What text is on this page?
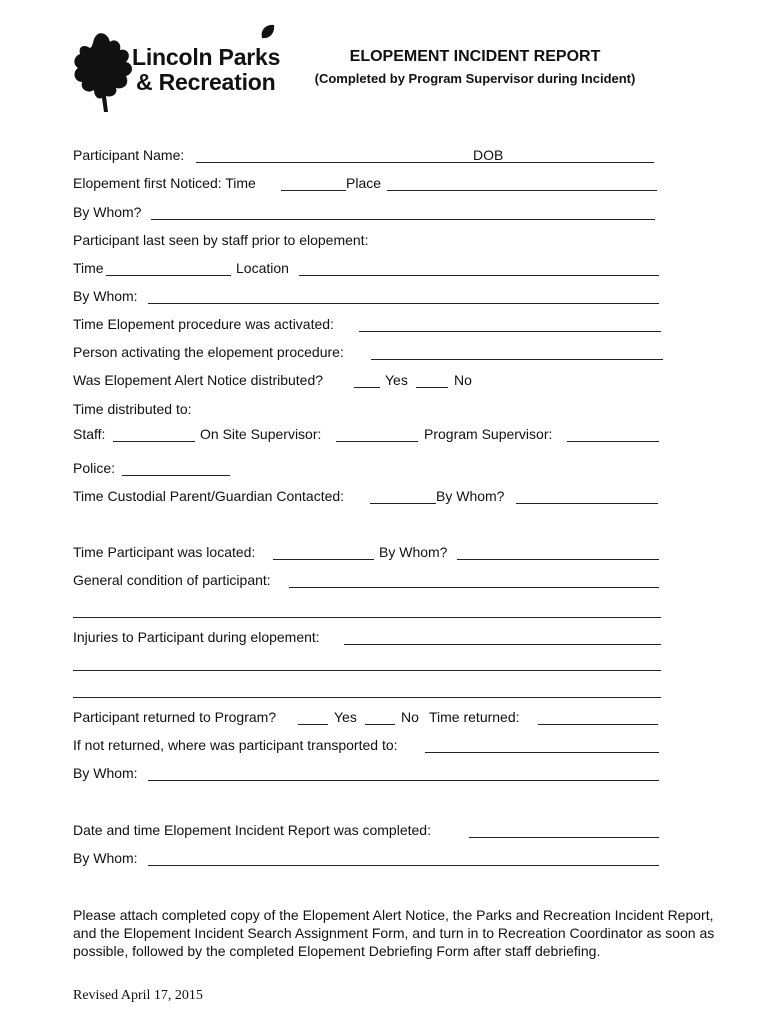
Lincoln Parks
& Recreation
ELOPEMENT INCIDENT REPORT
(Completed by Program Supervisor during Incident)
Participant Name:	DOB
Elopement first Noticed: Time	Place
By Whom?
Participant last seen by staff prior to elopement:
Time	Location
By Whom:
Time Elopement procedure was activated:
Person activating the elopement procedure:
Was Elopement Alert Notice distributed?	Yes	No
Time distributed to:
Staff:	On Site Supervisor:	Program Supervisor:
Police:
Time Custodial Parent/Guardian Contacted:	By Whom?
Time Participant was located:	By Whom?
General condition of participant:
Injuries to Participant during elopement:
Participant returned to Program?	Yes	No Time returned:
If not returned, where was participant transported to:
By Whom:
Date and time Elopement Incident Report was completed:
By Whom:
Please attach completed copy of the Elopement Alert Notice, the Parks and Recreation Incident Report, and the Elopement Incident Search Assignment Form, and turn in to Recreation Coordinator as soon as possible, followed by the completed Elopement Debriefing Form after staff debriefing.
Revised April 17, 2015
